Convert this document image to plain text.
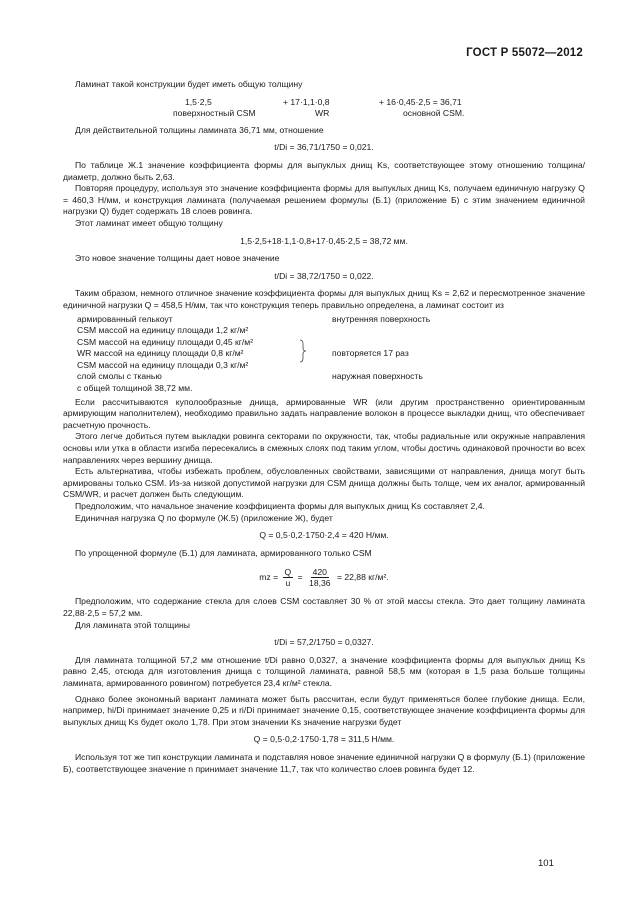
ГОСТ Р 55072—2012

Ламинат такой конструкции будет иметь общую толщину

1,5·2,5	+ 17·1,1·0,8	+ 16·0,45·2,5 = 36,71
поверхностный CSM	WR	основной CSM.

Для действительной толщины ламината 36,71 мм, отношение

t/Di = 36,71/1750 = 0,021.

По таблице Ж.1 значение коэффициента формы для выпуклых днищ Ks, соответствующее этому отношению толщина/диаметр, должно быть 2,63.

Повторяя процедуру, используя это значение коэффициента формы для выпуклых днищ Ks, получаем единичную нагрузку Q = 460,3 Н/мм, и конструкция ламината (получаемая решением формулы (Б.1) (приложение Б) с этим значением единичной нагрузки Q) будет содержать 18 слоев ровинга.

Этот ламинат имеет общую толщину

1,5·2,5+18·1,1·0,8+17·0,45·2,5 = 38,72 мм.

Это новое значение толщины дает новое значение

t/Di = 38,72/1750 = 0,022.

Таким образом, немного отличное значение коэффициента формы для выпуклых днищ Ks = 2,62 и пересмотренное значение единичной нагрузки Q = 458,5 Н/мм, так что конструкция теперь правильно определена, а ламинат состоит из

армированный гелькоут	внутренняя поверхность
CSM массой на единицу площади 1,2 кг/м²
CSM массой на единицу площади 0,45 кг/м²
WR массой на единицу площади 0,8 кг/м²	повторяется 17 раз
CSM массой на единицу площади 0,3 кг/м²
слой смолы с тканью	наружная поверхность
с общей толщиной 38,72 мм.

Если рассчитываются куполообразные днища, армированные WR (или другим пространственно ориентированным армирующим наполнителем), необходимо правильно задать направление волокон в процессе выкладки днищ, что обеспечивает расчетную прочность.

Этого легче добиться путем выкладки ровинга секторами по окружности, так, чтобы радиальные или окружные направления основы или утка в области изгиба пересекались в смежных слоях под таким углом, чтобы достичь одинаковой прочности во всех направлениях через вершину днища.

Есть альтернатива, чтобы избежать проблем, обусловленных свойствами, зависящими от направления, днища могут быть армированы только CSM. Из-за низкой допустимой нагрузки для CSM днища должны быть толще, чем их аналог, армированный CSM/WR, и расчет должен быть следующим.

Предположим, что начальное значение коэффициента формы для выпуклых днищ Ks составляет 2,4.

Единичная нагрузка Q по формуле (Ж.5) (приложение Ж), будет

Q = 0,5·0,2·1750·2,4 = 420 Н/мм.

По упрощенной формуле (Б.1) для ламината, армированного только CSM

mz = $\frac{Q}{u} = \frac{420}{18,36} = 22,88$ кг/м².

Предположим, что содержание стекла для слоев CSM составляет 30 % от этой массы стекла. Это дает толщину ламината 22,88·2,5 = 57,2 мм.

Для ламината этой толщины

t/Di = 57,2/1750 = 0,0327.

Для ламината толщиной 57,2 мм отношение t/Di равно 0,0327, а значение коэффициента формы для выпуклых днищ Ks равно 2,45, отсюда для изготовления днища с толщиной ламината, равной 58,5 мм (которая в 1,5 раза больше толщины ламината, армированного ровингом) потребуется 23,4 кг/м² стекла.

Однако более экономный вариант ламината может быть рассчитан, если будут применяться более глубокие днища. Если, например, hi/Di принимает значение 0,25 и ri/Di принимает значение 0,15, соответствующее значение коэффициента формы для выпуклых днищ Ks будет около 1,78. При этом значении Ks значение нагрузки будет

Q = 0,5·0,2·1750·1,78 = 311,5 Н/мм.

Используя тот же тип конструкции ламината и подставляя новое значение единичной нагрузки Q в формулу (Б.1) (приложение Б), соответствующее значение n принимает значение 11,7, так что количество слоев ровинга будет 12.

101
